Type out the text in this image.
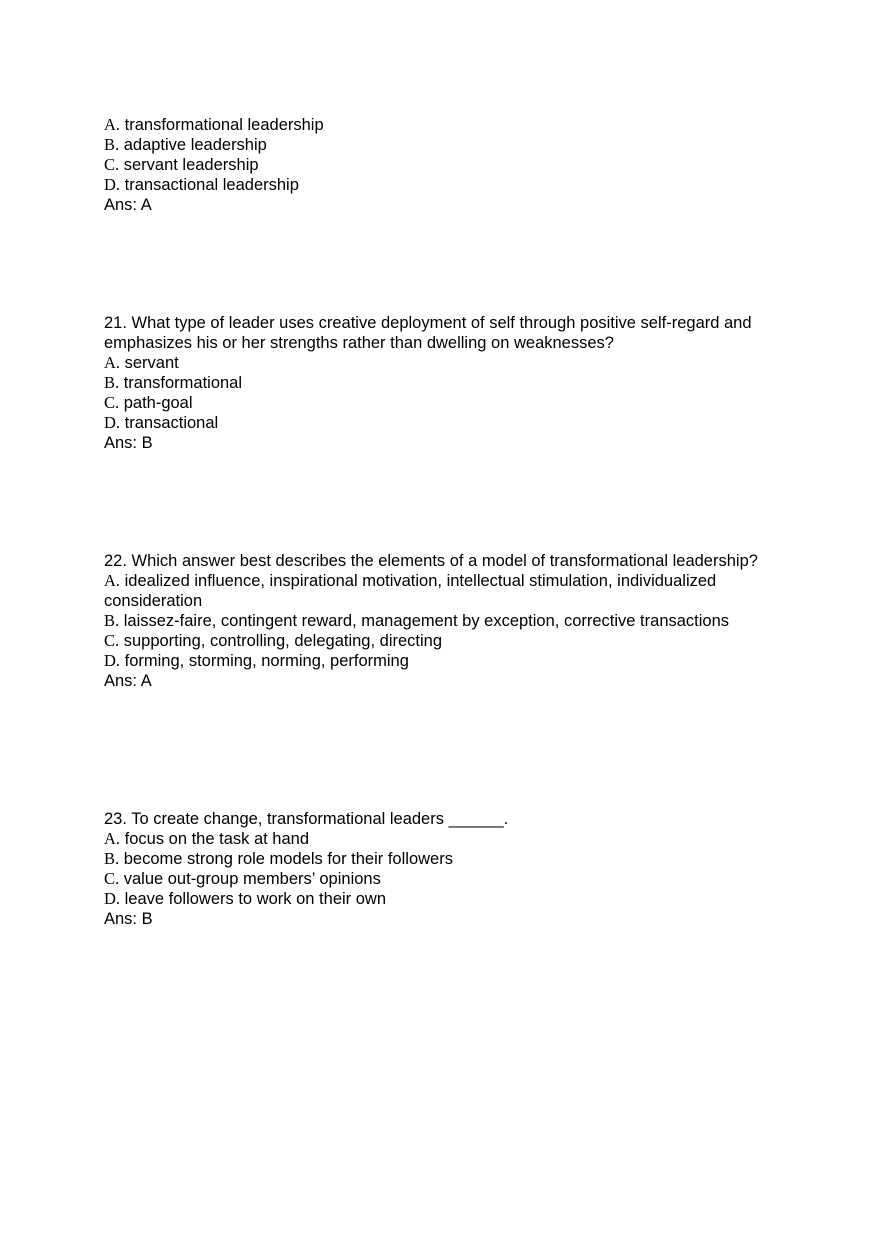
A. transformational leadership
B. adaptive leadership
C. servant leadership
D. transactional leadership
Ans: A
21. What type of leader uses creative deployment of self through positive self-regard and emphasizes his or her strengths rather than dwelling on weaknesses?
A. servant
B. transformational
C. path-goal
D. transactional
Ans: B
22. Which answer best describes the elements of a model of transformational leadership?
A. idealized influence, inspirational motivation, intellectual stimulation, individualized consideration
B. laissez-faire, contingent reward, management by exception, corrective transactions
C. supporting, controlling, delegating, directing
D. forming, storming, norming, performing
Ans: A
23. To create change, transformational leaders ______.
A. focus on the task at hand
B. become strong role models for their followers
C. value out-group members’ opinions
D. leave followers to work on their own
Ans: B
